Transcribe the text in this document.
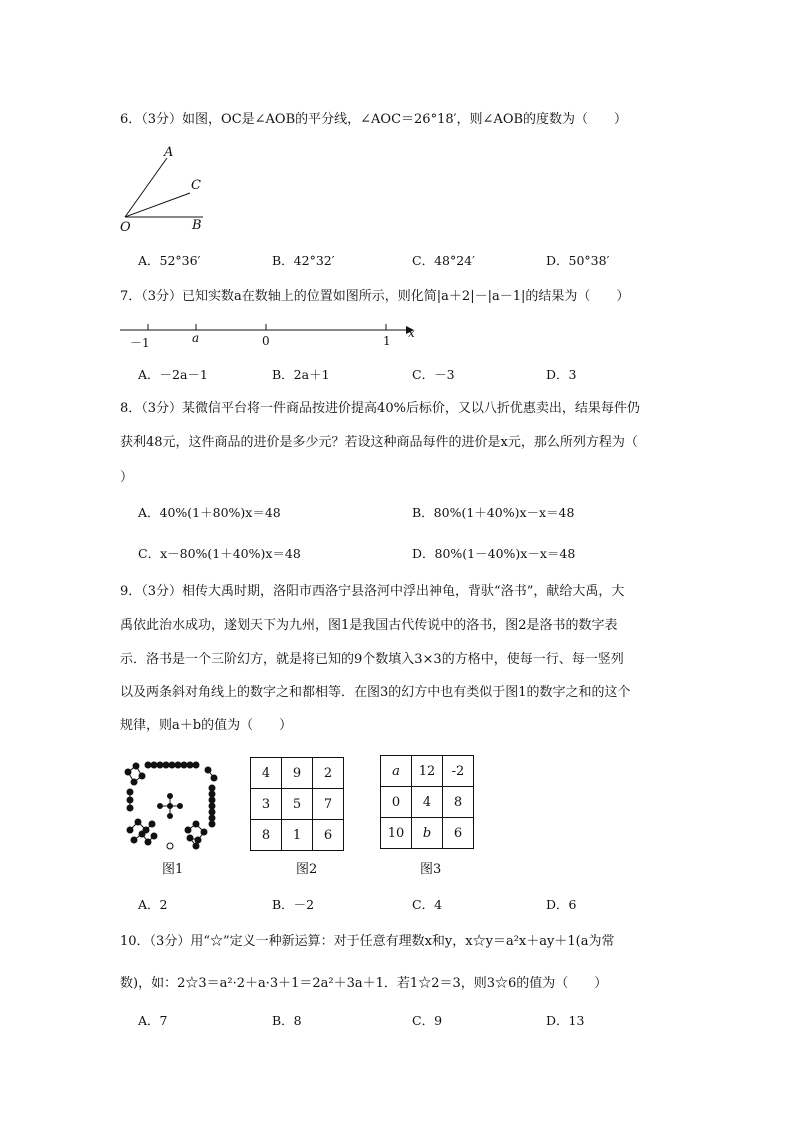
6．（3分）如图，OC是∠AOB的平分线，∠AOC＝26°18′，则∠AOB的度数为（　　）
A
C
B
O
A．52°36′	B．42°32′	C．48°24′	D．50°38′
7．（3分）已知实数a在数轴上的位置如图所示，则化简|a＋2|－|a－1|的结果为（　　）
－1	a	0	1
x
A．－2a－1	B．2a＋1	C．－3	D．3
8．（3分）某微信平台将一件商品按进价提高40%后标价，又以八折优惠卖出，结果每件仍
获利48元，这件商品的进价是多少元？若设这种商品每件的进价是x元，那么所列方程为（
）
A．40%(1＋80%)x＝48	B．80%(1＋40%)x－x＝48
C．x－80%(1＋40%)x＝48	D．80%(1－40%)x－x＝48
9．（3分）相传大禹时期，洛阳市西洛宁县洛河中浮出神龟，背驮“洛书”，献给大禹，大
禹依此治水成功，遂划天下为九州，图1是我国古代传说中的洛书，图2是洛书的数字表
示．洛书是一个三阶幻方，就是将已知的9个数填入3×3的方格中，使每一行、每一竖列
以及两条斜对角线上的数字之和都相等．在图3的幻方中也有类似于图1的数字之和的这个
规律，则a＋b的值为（　　）
图1
4	9	2
3	5	7
8	1	6
图2
a	12	-2
0	4	8
10	b	6
图3
A．2	B．－2	C．4	D．6
10．（3分）用“☆”定义一种新运算：对于任意有理数x和y，x☆y＝a²x＋ay＋1(a为常
数)，如：2☆3＝a²·2＋a·3＋1＝2a²＋3a＋1．若1☆2＝3，则3☆6的值为（　　）
A．7	B．8	C．9	D．13
